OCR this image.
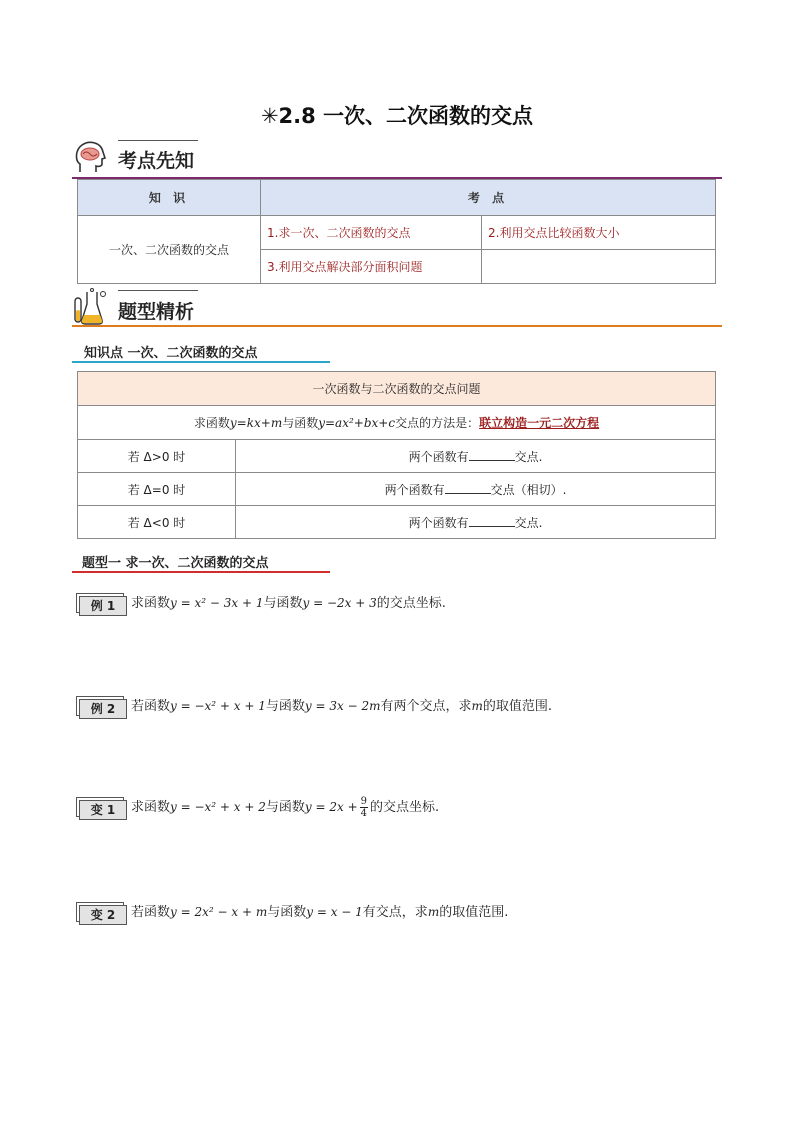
✳2.8 一次、二次函数的交点
考点先知
知 识	考 点	
一次、二次函数的交点	1.求一次、二次函数的交点	2.利用交点比较函数大小
	3.利用交点解决部分面积问题	
题型精析
知识点 一次、二次函数的交点
一次函数与二次函数的交点问题	
求函数y=kx+m与函数y=ax²+bx+c交点的方法是：联立构造一元二次方程	
若 Δ>0 时	两个函数有 交点.
若 Δ=0 时	两个函数有 交点（相切）.
若 Δ<0 时	两个函数有 交点.
题型一 求一次、二次函数的交点
例 1	求函数y = x² − 3x + 1与函数y = −2x + 3的交点坐标.
例 2	若函数y = −x² + x + 1与函数y = 3x − 2m有两个交点，求m的取值范围.
变 1	求函数y = −x² + x + 2与函数$y = 2x + \frac{9}{4}$ 的交点坐标.
变 2	若函数y = 2x² − x + m与函数y = x − 1有交点，求m的取值范围.
